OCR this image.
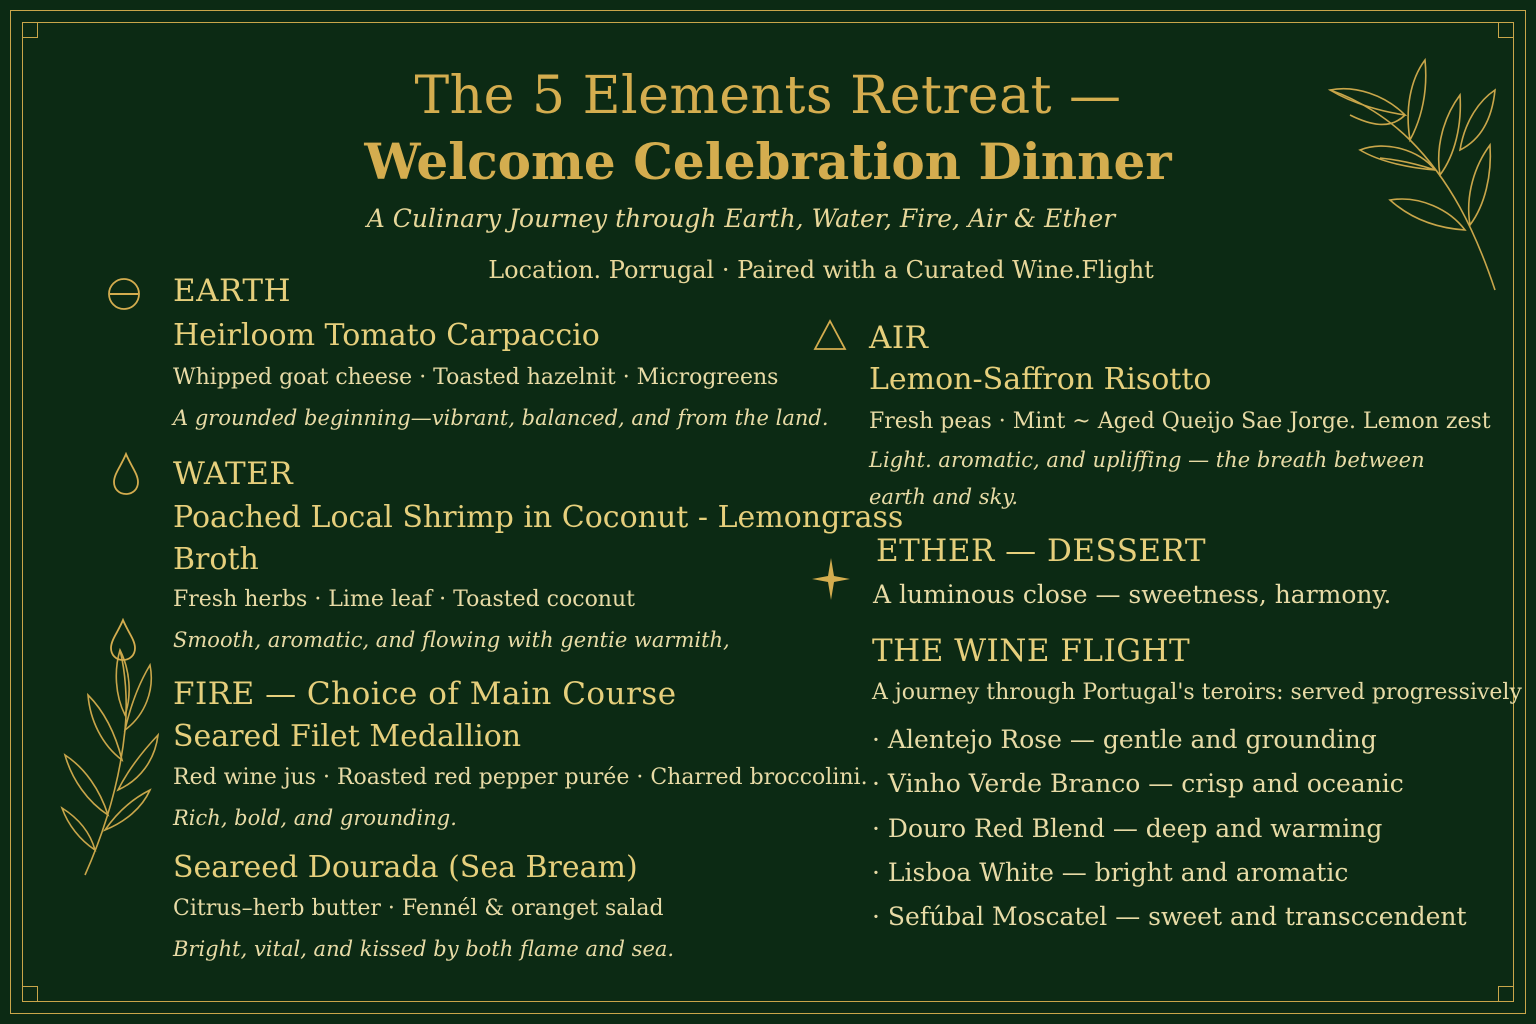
The 5 Elements Retreat —
Welcome Celebration Dinner
A Culinary Journey through Earth, Water, Fire, Air & Ether
Location. Porrugal · Paired with a Curated Wine.Flight
EARTH
Heirloom Tomato Carpaccio
Whipped goat cheese · Toasted hazelnit · Microgreens
A grounded beginning—vibrant, balanced, and from the land.
WATER
Poached Local Shrimp in Coconut - Lemongrass
Broth
Fresh herbs · Lime leaf · Toasted coconut
Smooth, aromatic, and flowing with gentie warmith,
FIRE — Choice of Main Course
Seared Filet Medallion
Red wine jus · Roasted red pepper purée · Charred broccolini.
Rich, bold, and grounding.
Seareed Dourada (Sea Bream)
Citrus–herb butter · Fennél & oranget salad
Bright, vital, and kissed by both flame and sea.
AIR
Lemon-Saffron Risotto
Fresh peas · Mint ~ Aged Queijo Sae Jorge. Lemon zest
Light. aromatic, and upliffing — the breath between
earth and sky.
ETHER — DESSERT
A luminous close — sweetness, harmony.
THE WINE FLIGHT
A journey through Portugal's teroirs: served progressively
· Alentejo Rose — gentle and grounding
· Vinho Verde Branco — crisp and oceanic
· Douro Red Blend — deep and warming
· Lisboa White — bright and aromatic
· Sefúbal Moscatel — sweet and transccendent
